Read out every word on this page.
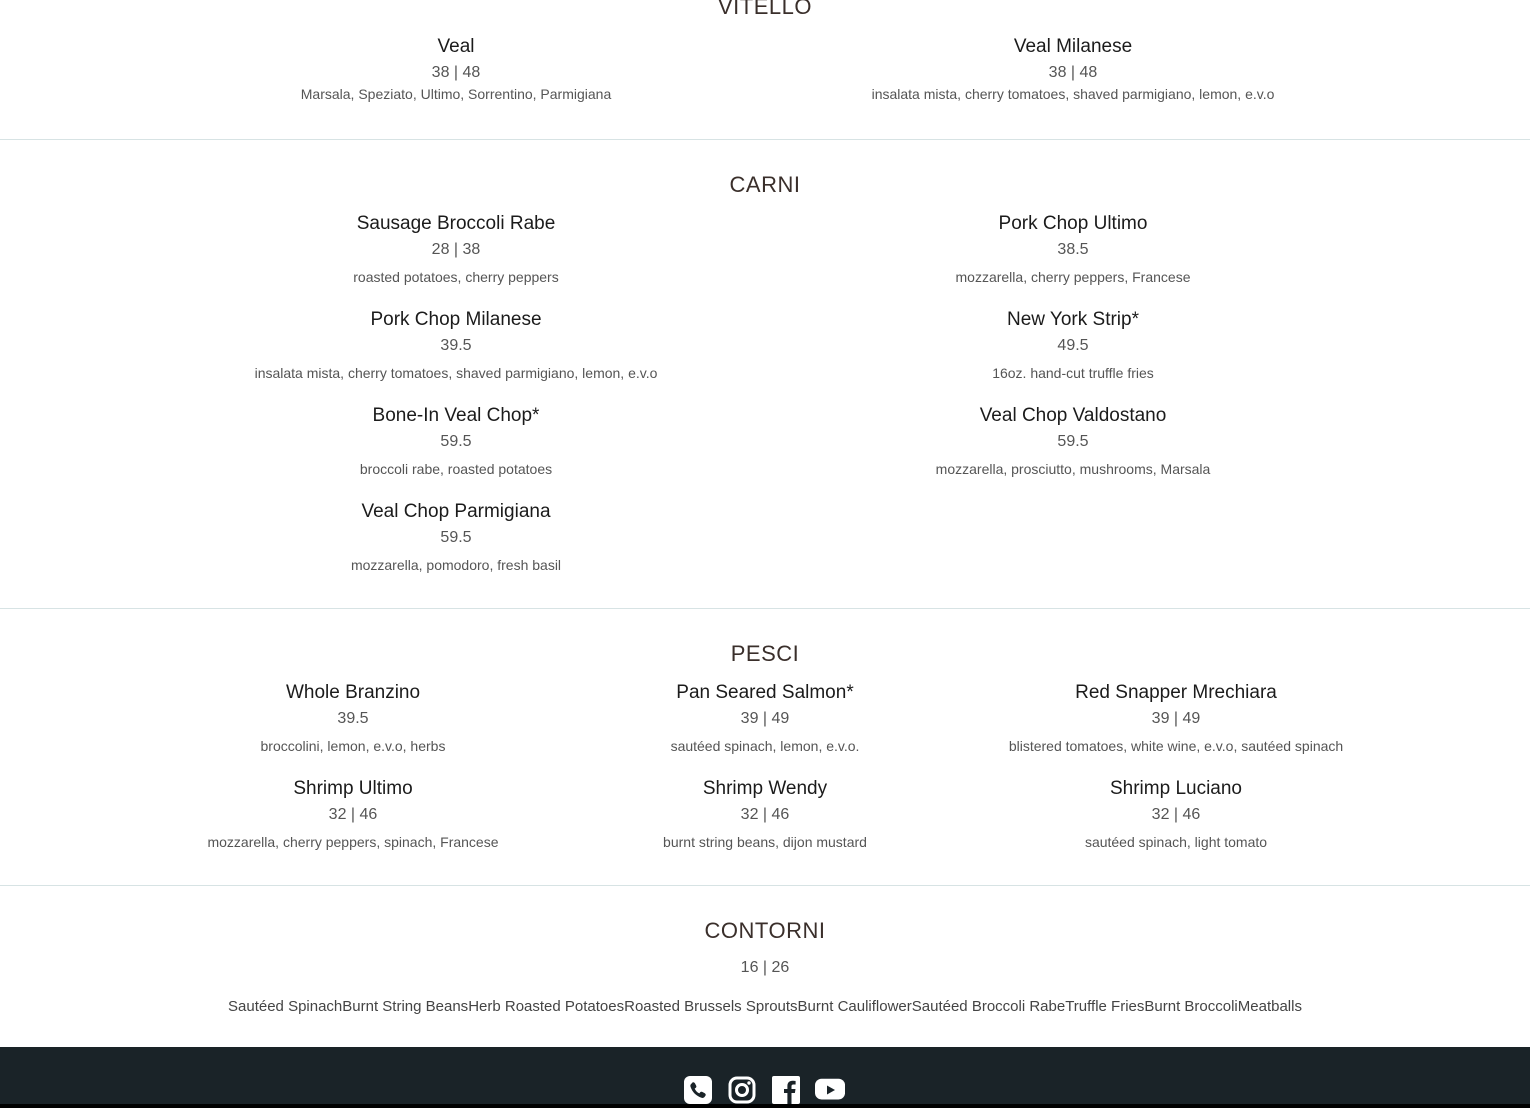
VITELLO
Veal
38 | 48
Marsala, Speziato, Ultimo, Sorrentino, Parmigiana
Veal Milanese
38 | 48
insalata mista, cherry tomatoes, shaved parmigiano, lemon, e.v.o
CARNI
Sausage Broccoli Rabe
28 | 38
roasted potatoes, cherry peppers
Pork Chop Ultimo
38.5
mozzarella, cherry peppers, Francese
Pork Chop Milanese
39.5
insalata mista, cherry tomatoes, shaved parmigiano, lemon, e.v.o
New York Strip*
49.5
16oz. hand-cut truffle fries
Bone-In Veal Chop*
59.5
broccoli rabe, roasted potatoes
Veal Chop Valdostano
59.5
mozzarella, prosciutto, mushrooms, Marsala
Veal Chop Parmigiana
59.5
mozzarella, pomodoro, fresh basil
PESCI
Whole Branzino
39.5
broccolini, lemon, e.v.o, herbs
Pan Seared Salmon*
39 | 49
sautéed spinach, lemon, e.v.o.
Red Snapper Mrechiara
39 | 49
blistered tomatoes, white wine, e.v.o, sautéed spinach
Shrimp Ultimo
32 | 46
mozzarella, cherry peppers, spinach, Francese
Shrimp Wendy
32 | 46
burnt string beans, dijon mustard
Shrimp Luciano
32 | 46
sautéed spinach, light tomato
CONTORNI
16 | 26
Sautéed SpinachBurnt String BeansHerb Roasted PotatoesRoasted Brussels SproutsBurnt CauliflowerSautéed Broccoli RabeTruffle FriesBurnt BroccoliMeatballs
